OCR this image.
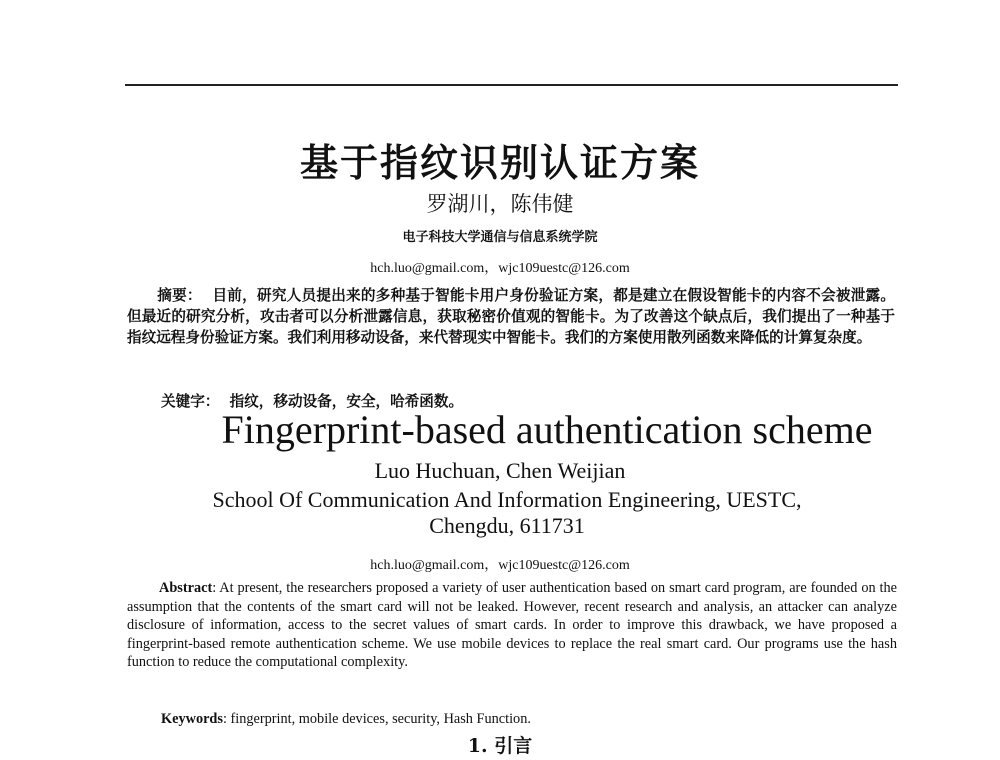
基于指纹识别认证方案
罗湖川，陈伟健
电子科技大学通信与信息系统学院
hch.luo@gmail.com，wjc109uestc@126.com
摘要： 目前，研究人员提出来的多种基于智能卡用户身份验证方案，都是建立在假设智能卡的内容不会被泄露。但最近的研究分析，攻击者可以分析泄露信息，获取秘密价值观的智能卡。为了改善这个缺点后，我们提出了一种基于指纹远程身份验证方案。我们利用移动设备，来代替现实中智能卡。我们的方案使用散列函数来降低的计算复杂度。
关键字： 指纹，移动设备，安全，哈希函数。
Fingerprint-based authentication scheme
Luo Huchuan, Chen Weijian
School Of Communication And Information Engineering, UESTC, Chengdu, 611731
hch.luo@gmail.com，wjc109uestc@126.com
Abstract: At present, the researchers proposed a variety of user authentication based on smart card program, are founded on the assumption that the contents of the smart card will not be leaked. However, recent research and analysis, an attacker can analyze disclosure of information, access to the secret values of smart cards. In order to improve this drawback, we have proposed a fingerprint-based remote authentication scheme. We use mobile devices to replace the real smart card. Our programs use the hash function to reduce the computational complexity.
Keywords: fingerprint, mobile devices, security, Hash Function.
1. 引言
